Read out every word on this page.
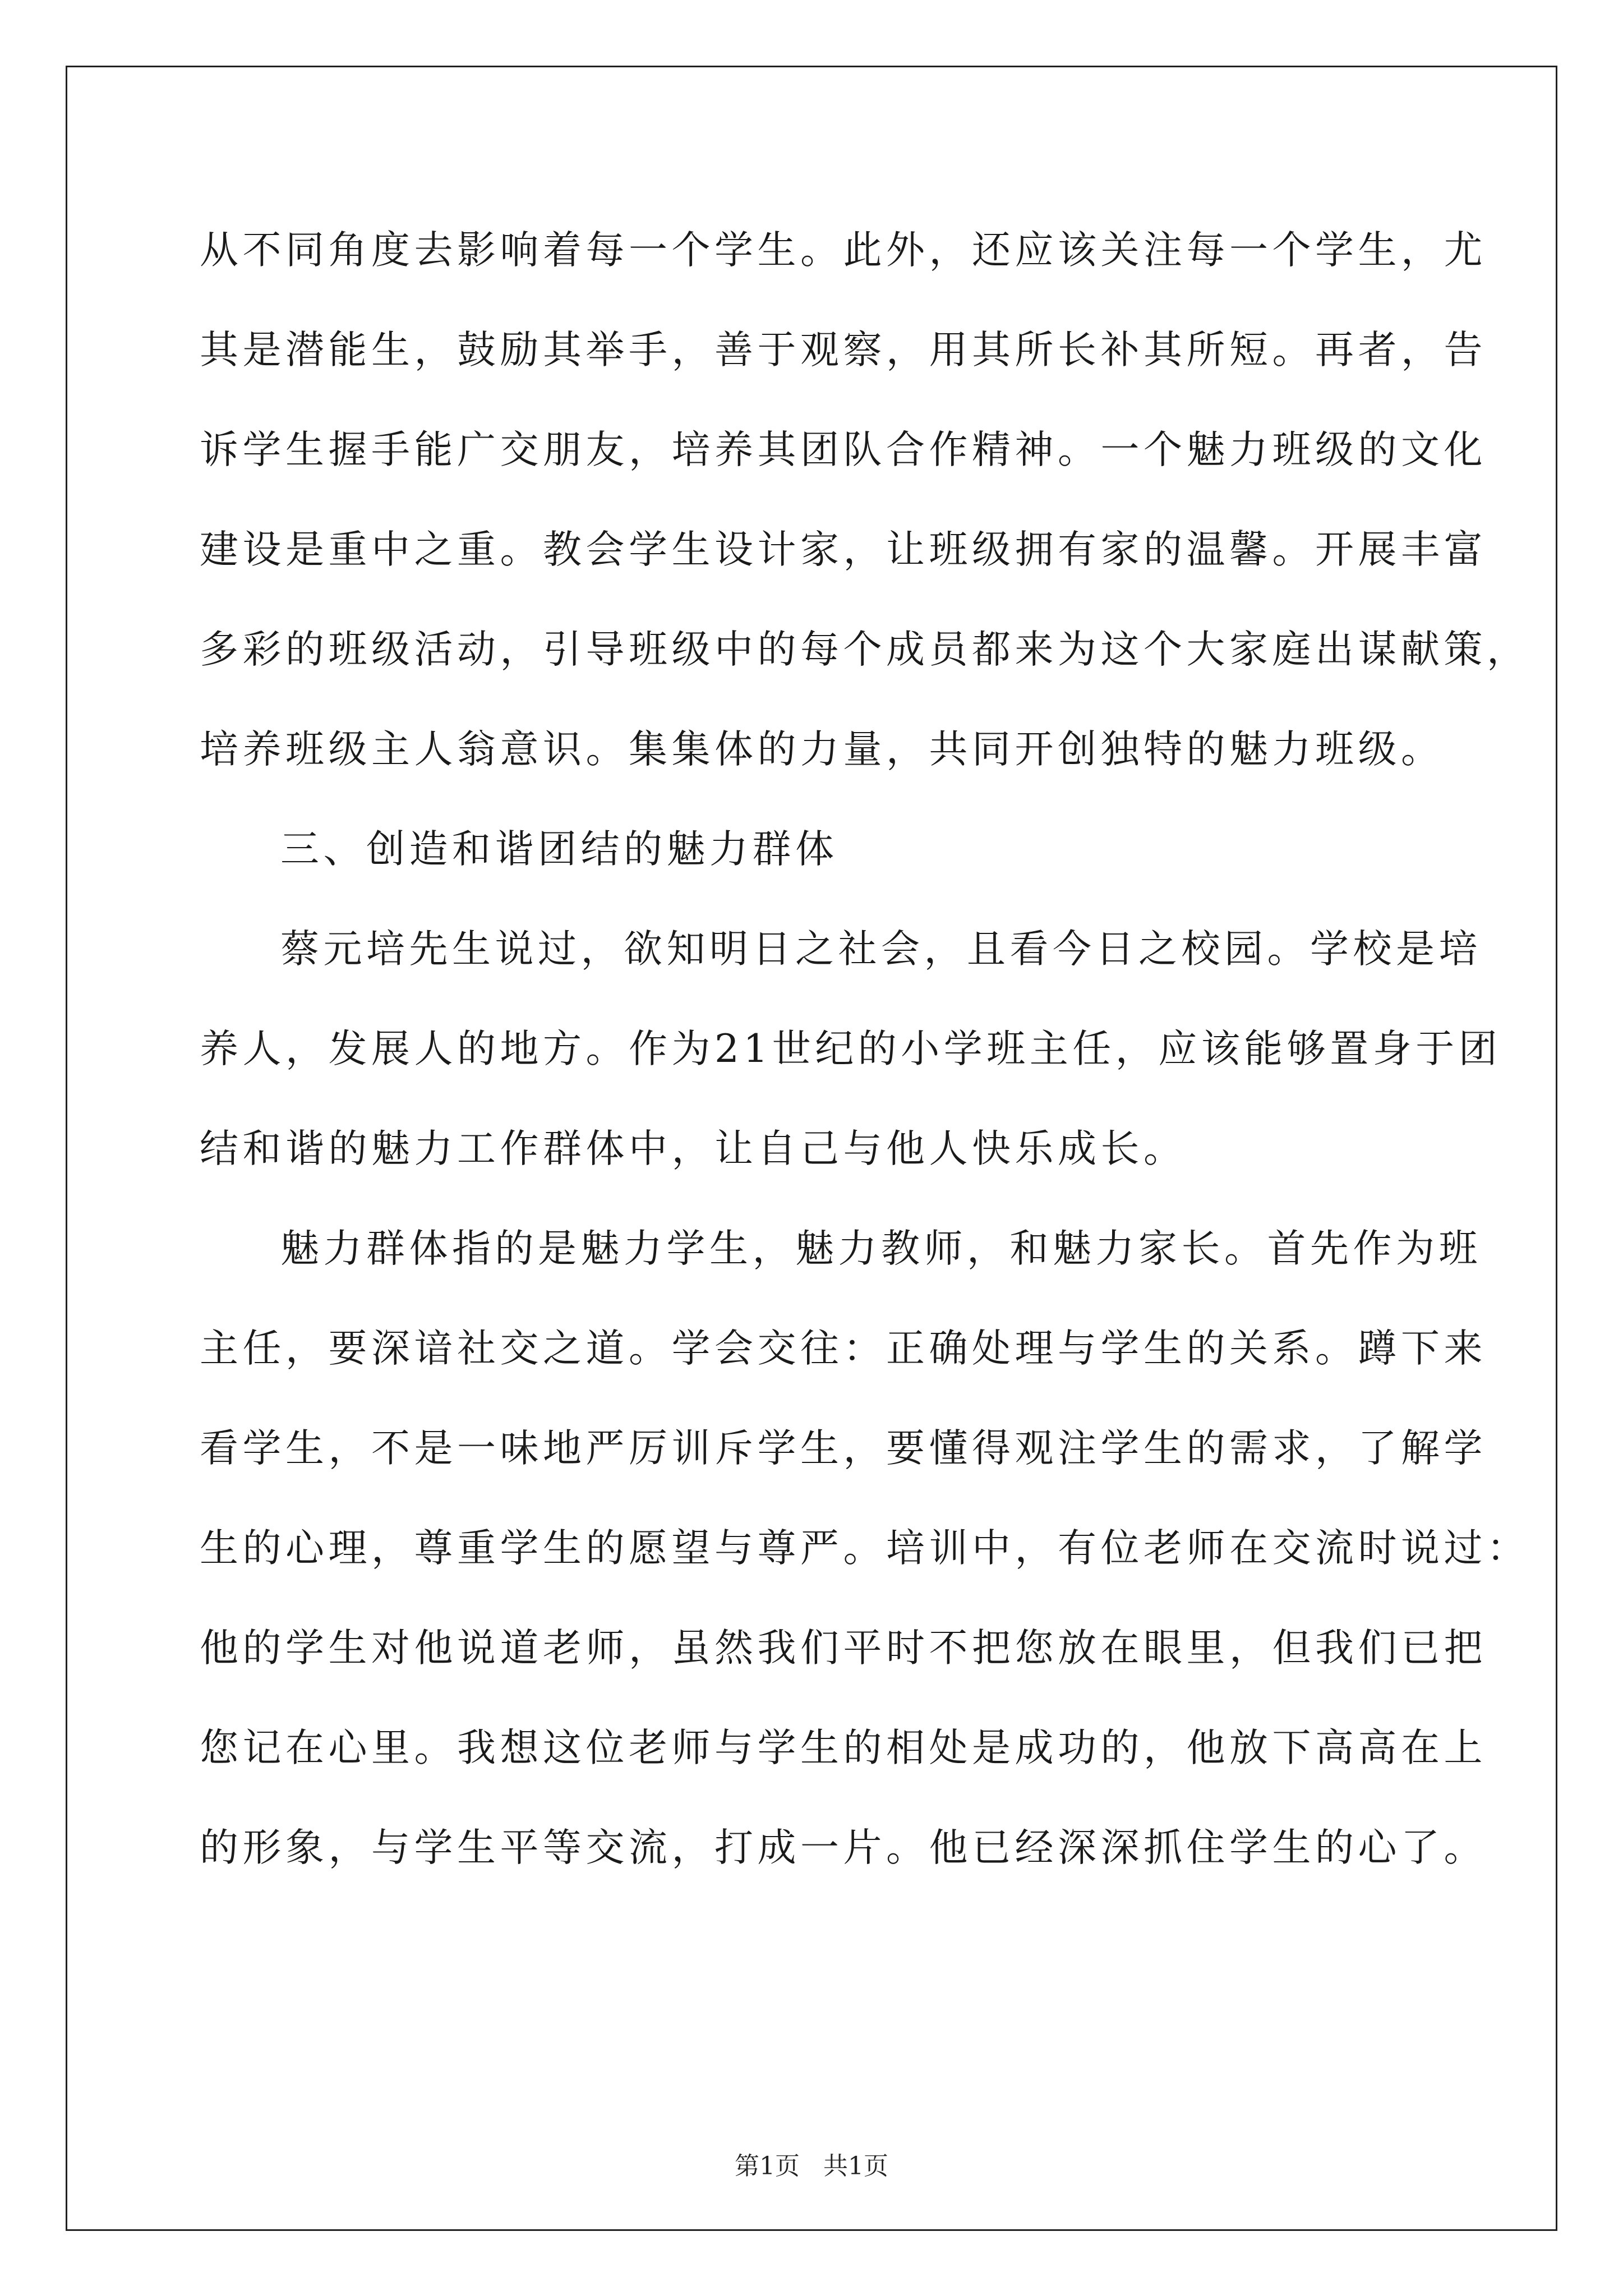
从不同角度去影响着每一个学生。此外，还应该关注每一个学生，尤
其是潜能生，鼓励其举手，善于观察，用其所长补其所短。再者，告
诉学生握手能广交朋友，培养其团队合作精神。一个魅力班级的文化
建设是重中之重。教会学生设计家，让班级拥有家的温馨。开展丰富
多彩的班级活动，引导班级中的每个成员都来为这个大家庭出谋献策，
培养班级主人翁意识。集集体的力量，共同开创独特的魅力班级。
三、创造和谐团结的魅力群体
蔡元培先生说过，欲知明日之社会，且看今日之校园。学校是培
养人，发展人的地方。作为21世纪的小学班主任，应该能够置身于团
结和谐的魅力工作群体中，让自己与他人快乐成长。
魅力群体指的是魅力学生，魅力教师，和魅力家长。首先作为班
主任，要深谙社交之道。学会交往：正确处理与学生的关系。蹲下来
看学生，不是一味地严厉训斥学生，要懂得观注学生的需求，了解学
生的心理，尊重学生的愿望与尊严。培训中，有位老师在交流时说过：
他的学生对他说道老师，虽然我们平时不把您放在眼里，但我们已把
您记在心里。我想这位老师与学生的相处是成功的，他放下高高在上
的形象，与学生平等交流，打成一片。他已经深深抓住学生的心了。
第1页 共1页
